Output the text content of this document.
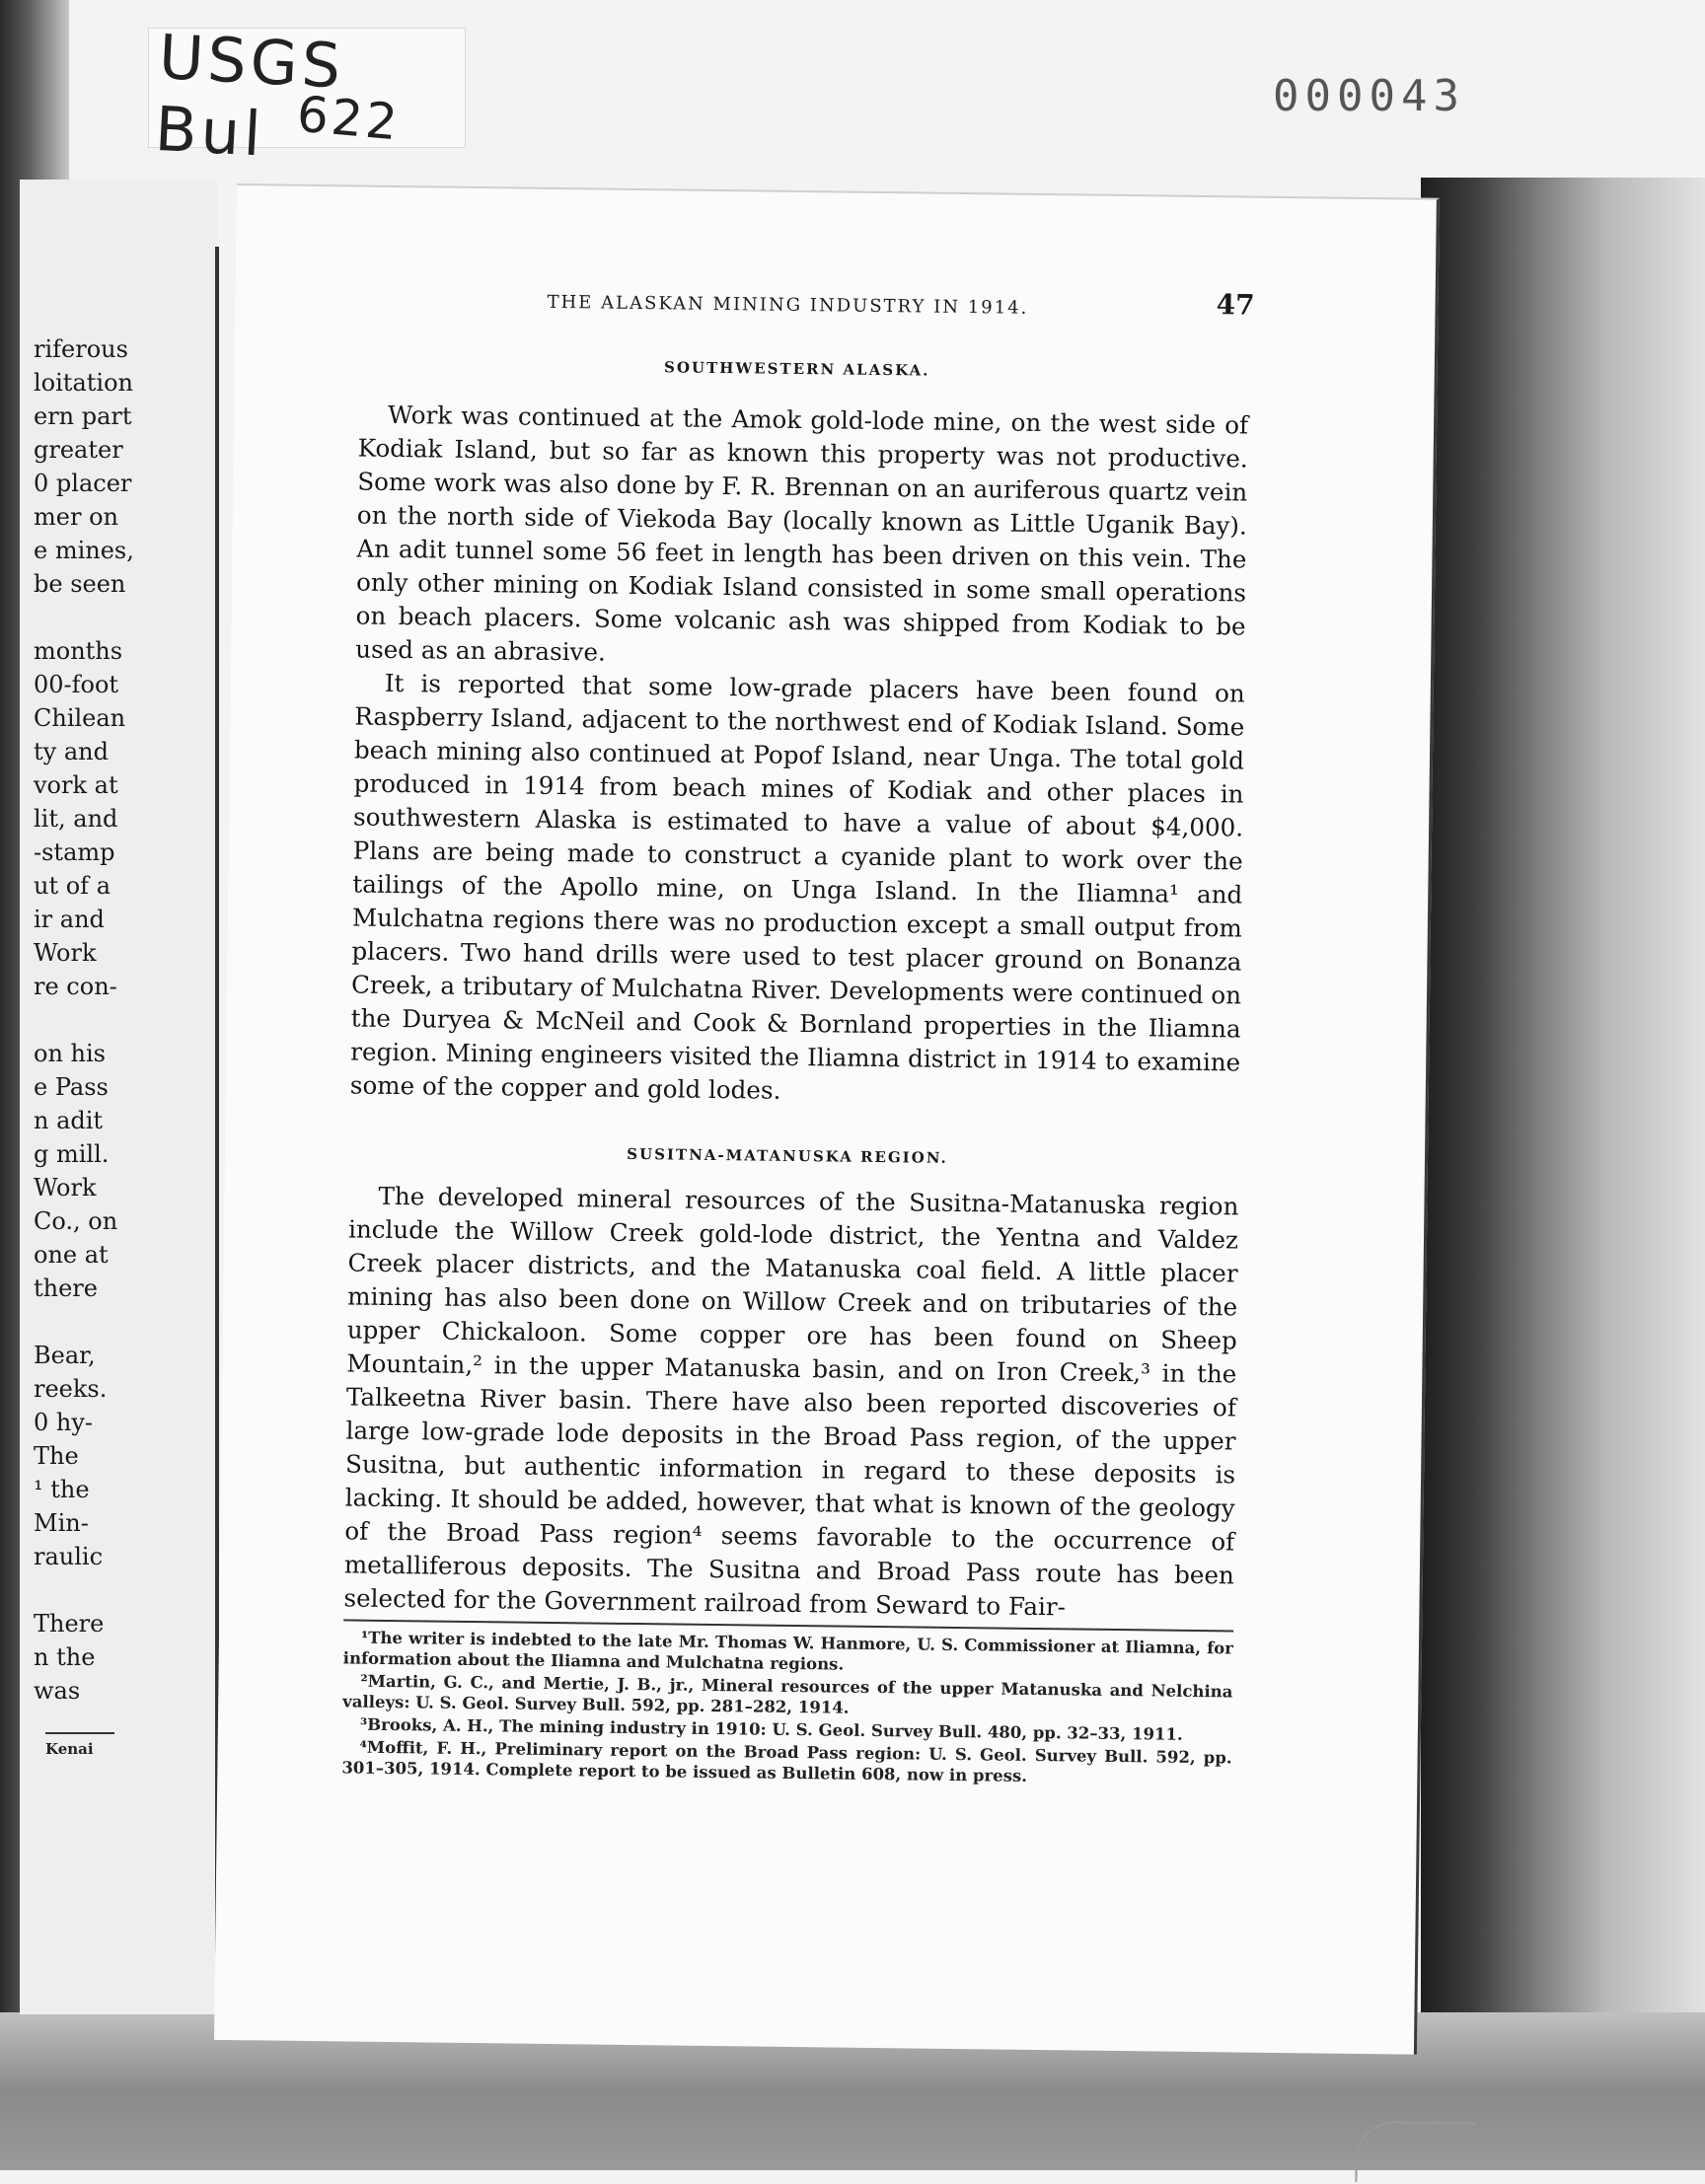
USGS Bul 622	000043
riferous
loitation
ern part
greater
0 placer
mer on
e mines,
be seen
months
00-foot
Chilean
ty and
vork at
lit, and
-stamp
ut of a
ir and
Work
re con-
on his
e Pass
n adit
g mill.
Work
Co., on
one at
there
Bear,
reeks.
0 hy-
The
¹ the
Min-
raulic
There
n the
was
Kenai
THE ALASKAN MINING INDUSTRY IN 1914.	47
SOUTHWESTERN ALASKA.

Work was continued at the Amok gold-lode mine, on the west side of Kodiak Island, but so far as known this property was not productive. Some work was also done by F. R. Brennan on an auriferous quartz vein on the north side of Viekoda Bay (locally known as Little Uganik Bay). An adit tunnel some 56 feet in length has been driven on this vein. The only other mining on Kodiak Island consisted in some small operations on beach placers. Some volcanic ash was shipped from Kodiak to be used as an abrasive.

It is reported that some low-grade placers have been found on Raspberry Island, adjacent to the northwest end of Kodiak Island. Some beach mining also continued at Popof Island, near Unga. The total gold produced in 1914 from beach mines of Kodiak and other places in southwestern Alaska is estimated to have a value of about $4,000. Plans are being made to construct a cyanide plant to work over the tailings of the Apollo mine, on Unga Island. In the Iliamna¹ and Mulchatna regions there was no production except a small output from placers. Two hand drills were used to test placer ground on Bonanza Creek, a tributary of Mulchatna River. Developments were continued on the Duryea & McNeil and Cook & Bornland properties in the Iliamna region. Mining engineers visited the Iliamna district in 1914 to examine some of the copper and gold lodes.

SUSITNA-MATANUSKA REGION.

The developed mineral resources of the Susitna-Matanuska region include the Willow Creek gold-lode district, the Yentna and Valdez Creek placer districts, and the Matanuska coal field. A little placer mining has also been done on Willow Creek and on tributaries of the upper Chickaloon. Some copper ore has been found on Sheep Mountain,² in the upper Matanuska basin, and on Iron Creek,³ in the Talkeetna River basin. There have also been reported discoveries of large low-grade lode deposits in the Broad Pass region, of the upper Susitna, but authentic information in regard to these deposits is lacking. It should be added, however, that what is known of the geology of the Broad Pass region⁴ seems favorable to the occurrence of metalliferous deposits. The Susitna and Broad Pass route has been selected for the Government railroad from Seward to Fair-

¹The writer is indebted to the late Mr. Thomas W. Hanmore, U. S. Commissioner at Iliamna, for information about the Iliamna and Mulchatna regions.

²Martin, G. C., and Mertie, J. B., jr., Mineral resources of the upper Matanuska and Nelchina valleys: U. S. Geol. Survey Bull. 592, pp. 281–282, 1914.

³Brooks, A. H., The mining industry in 1910: U. S. Geol. Survey Bull. 480, pp. 32–33, 1911.

⁴Moffit, F. H., Preliminary report on the Broad Pass region: U. S. Geol. Survey Bull. 592, pp. 301–305, 1914. Complete report to be issued as Bulletin 608, now in press.
